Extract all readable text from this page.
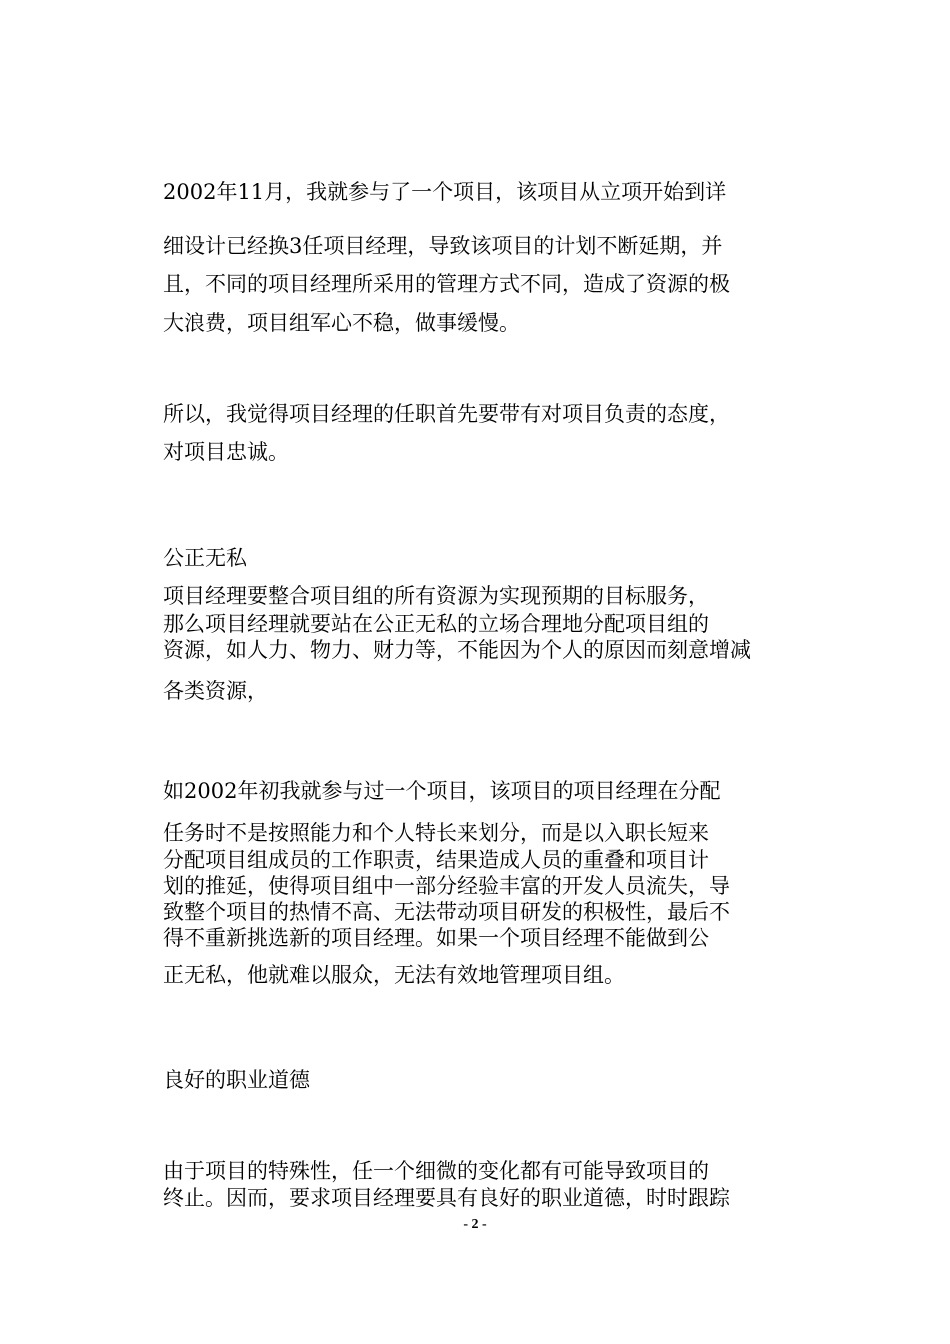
2002年11月，我就参与了一个项目，该项目从立项开始到详
细设计已经换3任项目经理，导致该项目的计划不断延期，并
且，不同的项目经理所采用的管理方式不同，造成了资源的极
大浪费，项目组军心不稳，做事缓慢。
所以，我觉得项目经理的任职首先要带有对项目负责的态度，
对项目忠诚。
公正无私
项目经理要整合项目组的所有资源为实现预期的目标服务，
那么项目经理就要站在公正无私的立场合理地分配项目组的
资源，如人力、物力、财力等，不能因为个人的原因而刻意增减
各类资源，
如2002年初我就参与过一个项目，该项目的项目经理在分配
任务时不是按照能力和个人特长来划分，而是以入职长短来
分配项目组成员的工作职责，结果造成人员的重叠和项目计
划的推延，使得项目组中一部分经验丰富的开发人员流失，导
致整个项目的热情不高、无法带动项目研发的积极性，最后不
得不重新挑选新的项目经理。如果一个项目经理不能做到公
正无私，他就难以服众，无法有效地管理项目组。
良好的职业道德
由于项目的特殊性，任一个细微的变化都有可能导致项目的
终止。因而，要求项目经理要具有良好的职业道德，时时跟踪
- 2 -
